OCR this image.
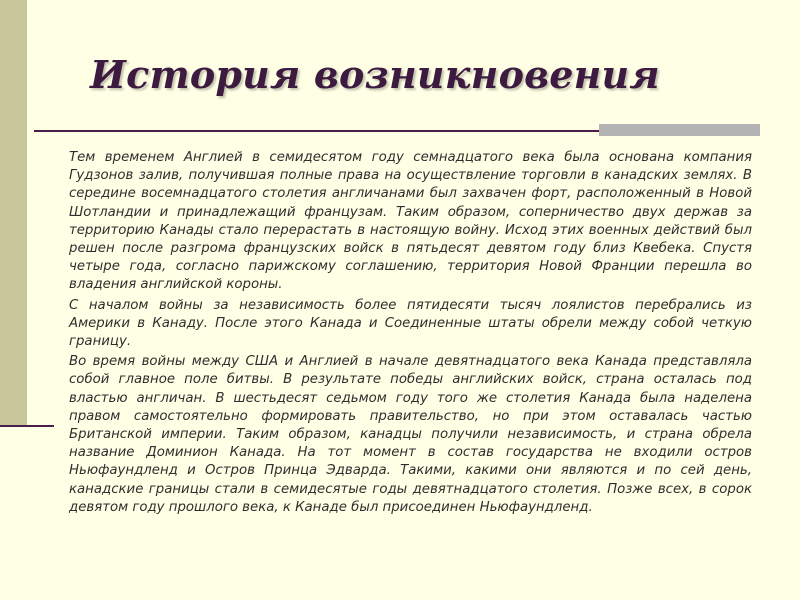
История возникновения

Тем временем Англией в семидесятом году семнадцатого века была основана компания Гудзонов залив, получившая полные права на осуществление торговли в канадских землях. В середине восемнадцатого столетия англичанами был захвачен форт, расположенный в Новой Шотландии и принадлежащий французам. Таким образом, соперничество двух держав за территорию Канады стало перерастать в настоящую войну. Исход этих военных действий был решен после разгрома французских войск в пятьдесят девятом году близ Квебека. Спустя четыре года, согласно парижскому соглашению, территория Новой Франции перешла во владения английской короны.

С началом войны за независимость более пятидесяти тысяч лоялистов перебрались из Америки в Канаду. После этого Канада и Соединенные штаты обрели между собой четкую границу.

Во время войны между США и Англией в начале девятнадцатого века Канада представляла собой главное поле битвы. В результате победы английских войск, страна осталась под властью англичан. В шестьдесят седьмом году того же столетия Канада была наделена правом самостоятельно формировать правительство, но при этом оставалась частью Британской империи. Таким образом, канадцы получили независимость, и страна обрела название Доминион Канада. На тот момент в состав государства не входили остров Ньюфаундленд и Остров Принца Эдварда. Такими, какими они являются и по сей день, канадские границы стали в семидесятые годы девятнадцатого столетия. Позже всех, в сорок девятом году прошлого века, к Канаде был присоединен Ньюфаундленд.
